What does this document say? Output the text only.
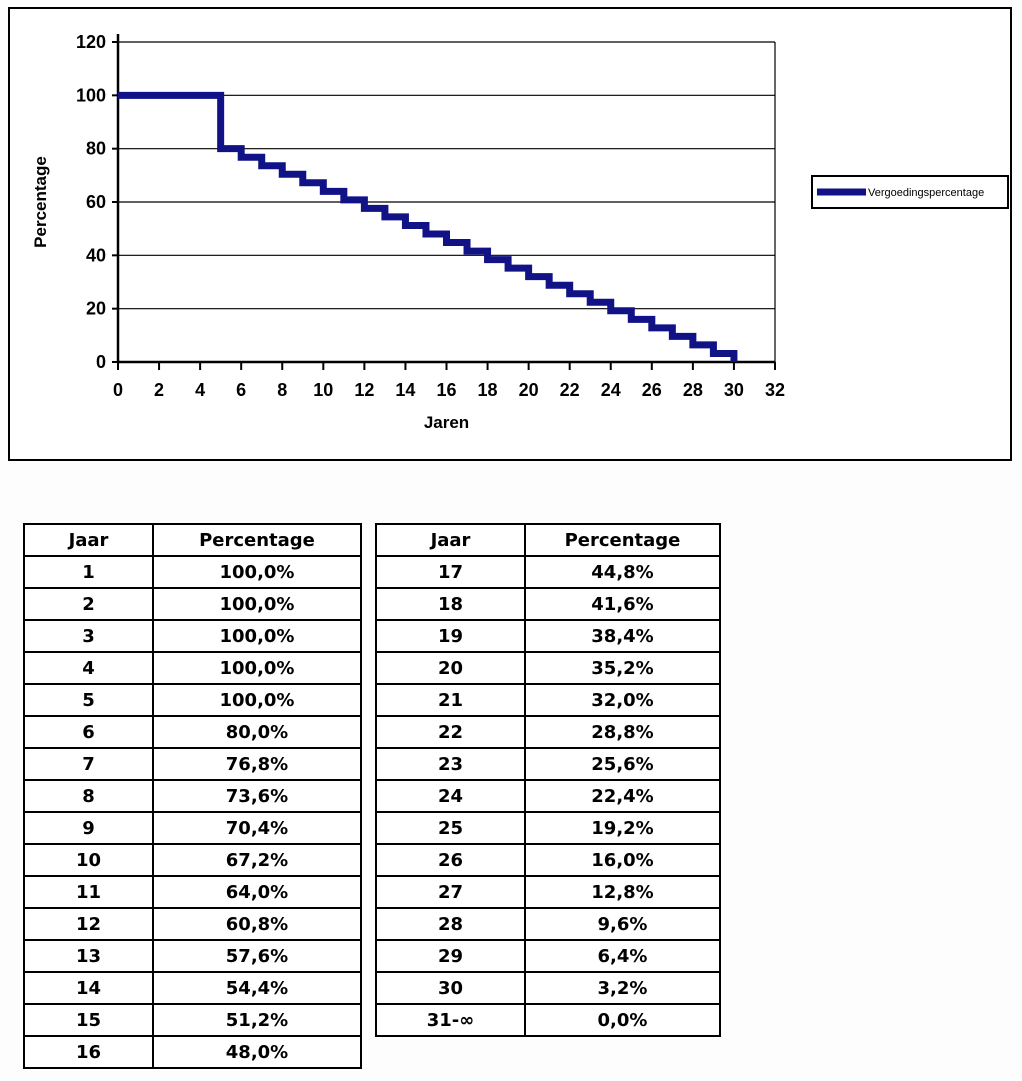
0
20
40
60
80
100
120
0 2 4 6 8 10 12 14 16 18 20 22 24 26 28 30 32
Jaren
Percentage	Vergoedingspercentage
Jaar	Percentage
1	100,0%
2	100,0%
3	100,0%
4	100,0%
5	100,0%
6	80,0%
7	76,8%
8	73,6%
9	70,4%
10	67,2%
11	64,0%
12	60,8%
13	57,6%
14	54,4%
15	51,2%
16	48,0%
Jaar	Percentage
17	44,8%
18	41,6%
19	38,4%
20	35,2%
21	32,0%
22	28,8%
23	25,6%
24	22,4%
25	19,2%
26	16,0%
27	12,8%
28	9,6%
29	6,4%
30	3,2%
31-∞	0,0%
